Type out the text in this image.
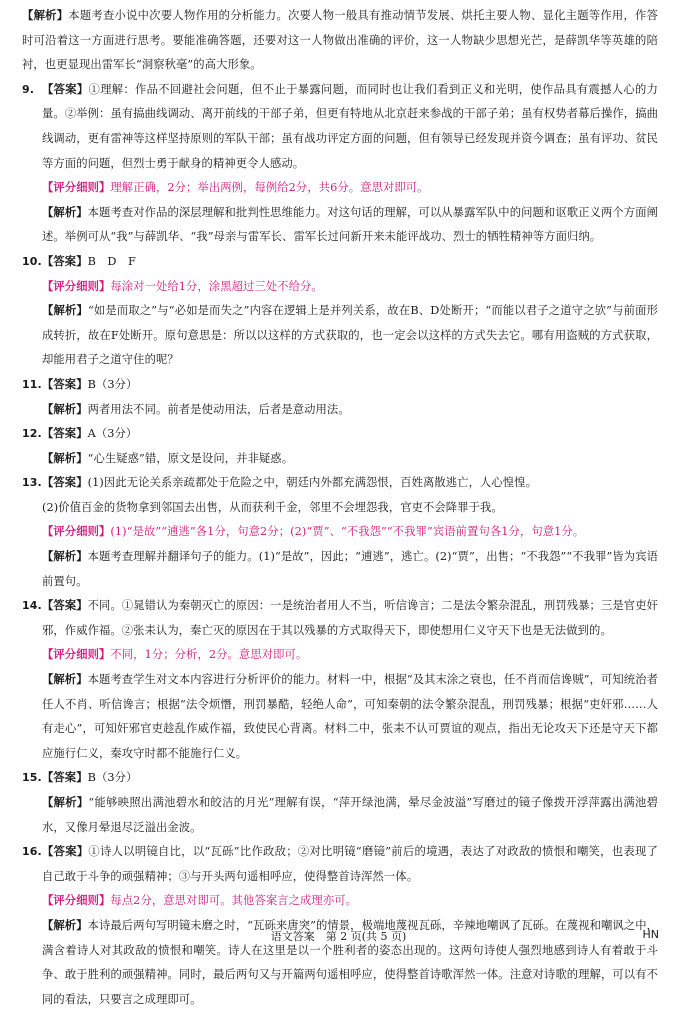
【解析】本题考查小说中次要人物作用的分析能力。次要人物一般具有推动情节发展、烘托主要人物、显化主题等作用，作答时可沿着这一方面进行思考。要能准确答题，还要对这一人物做出准确的评价，这一人物缺少思想光芒，是薛凯华等英雄的陪衬，也更显现出雷军长“洞察秋毫”的高大形象。

9. 【答案】①理解：作品不回避社会问题，但不止于暴露问题，而同时也让我们看到正义和光明，使作品具有震撼人心的力量。②举例：虽有搞曲线调动、离开前线的干部子弟，但更有特地从北京赶来参战的干部子弟；虽有权势者幕后操作，搞曲线调动，更有雷神等这样坚持原则的军队干部；虽有战功评定方面的问题，但有领导已经发现并资今调查；虽有评功、贫民等方面的问题，但烈士勇于献身的精神更令人感动。

【评分细则】理解正确，2分；举出两例，每例给2分，共6分。意思对即可。

【解析】本题考查对作品的深层理解和批判性思维能力。对这句话的理解，可以从暴露军队中的问题和讴歌正义两个方面阐述。举例可从“我”与薛凯华、“我”母亲与雷军长、雷军长过问新开来未能评战功、烈士的牺牲精神等方面归纳。

10. 【答案】B　D　F

【评分细则】每涂对一处给1分，涂黑超过三处不给分。

【解析】“如是而取之”与“必如是而失之”内容在逻辑上是并列关系，故在B、D处断开；“而能以君子之道守之欤”与前面形成转折，故在F处断开。原句意思是：所以以这样的方式获取的，也一定会以这样的方式失去它。哪有用盗贼的方式获取，却能用君子之道守住的呢？

11. 【答案】B（3分）

【解析】两者用法不同。前者是使动用法，后者是意动用法。

12. 【答案】A（3分）

【解析】“心生疑惑”错，原文是设问，并非疑惑。

13. 【答案】(1)因此无论关系亲疏都处于危险之中，朝廷内外都充满怨恨，百姓离散逃亡，人心惶惶。

(2)价值百金的货物拿到邻国去出售，从而获利千金，邻里不会埋怨我，官吏不会降罪于我。

【评分细则】(1)“是故”“逋逃”各1分，句意2分；(2)“贾”、“不我怨”“不我罪”宾语前置句各1分，句意1分。

【解析】本题考查理解并翻译句子的能力。(1)“是故”，因此；“逋逃”，逃亡。(2)“贾”，出售；“不我怨”“不我罪”皆为宾语前置句。

14. 【答案】不同。①晁错认为秦朝灭亡的原因：一是统治者用人不当，听信谗言；二是法令繁杂混乱，刑罚残暴；三是官吏奸邪，作威作福。②张耒认为，秦亡灭的原因在于其以残暴的方式取得天下，即使想用仁义守天下也是无法做到的。

【评分细则】不同，1分；分析，2分。意思对即可。

【解析】本题考查学生对文本内容进行分析评价的能力。材料一中，根据“及其末涂之衰也，任不肖而信谗贼”，可知统治者任人不肖、听信谗言；根据“法令烦憯，刑罚暴酷，轻绝人命”，可知秦朝的法令繁杂混乱，刑罚残暴；根据“吏奸邪……人有走心”，可知奸邪官吏趁乱作威作福，致使民心背离。材料二中，张耒不认可贾谊的观点，指出无论攻天下还是守天下都应施行仁义，秦攻守时都不能施行仁义。

15. 【答案】B（3分）

【解析】“能够映照出满池碧水和皎洁的月光”理解有误，“萍开绿池满，晕尽金波溢”写磨过的镜子像拨开浮萍露出满池碧水，又像月晕退尽泛溢出金波。

16. 【答案】①诗人以明镜自比，以“瓦砾”比作政敌；②对比明镜“磨镜”前后的境遇，表达了对政敌的愤恨和嘲笑，也表现了自己敢于斗争的顽强精神；③与开头两句遥相呼应，使得整首诗浑然一体。

【评分细则】每点2分，意思对即可。其他答案言之成理亦可。

【解析】本诗最后两句写明镜未磨之时，“瓦砾来唐突”的情景，极端地蔑视瓦砾，辛辣地嘲讽了瓦砾。在蔑视和嘲讽之中，满含着诗人对其政敌的愤恨和嘲笑。诗人在这里是以一个胜利者的姿态出现的。这两句诗使人强烈地感到诗人有着敢于斗争、敢于胜利的顽强精神。同时，最后两句又与开篇两句遥相呼应，使得整首诗歌浑然一体。注意对诗歌的理解，可以有不同的看法，只要言之成理即可。

语文答案　第 2 页(共 5 页)	HN
